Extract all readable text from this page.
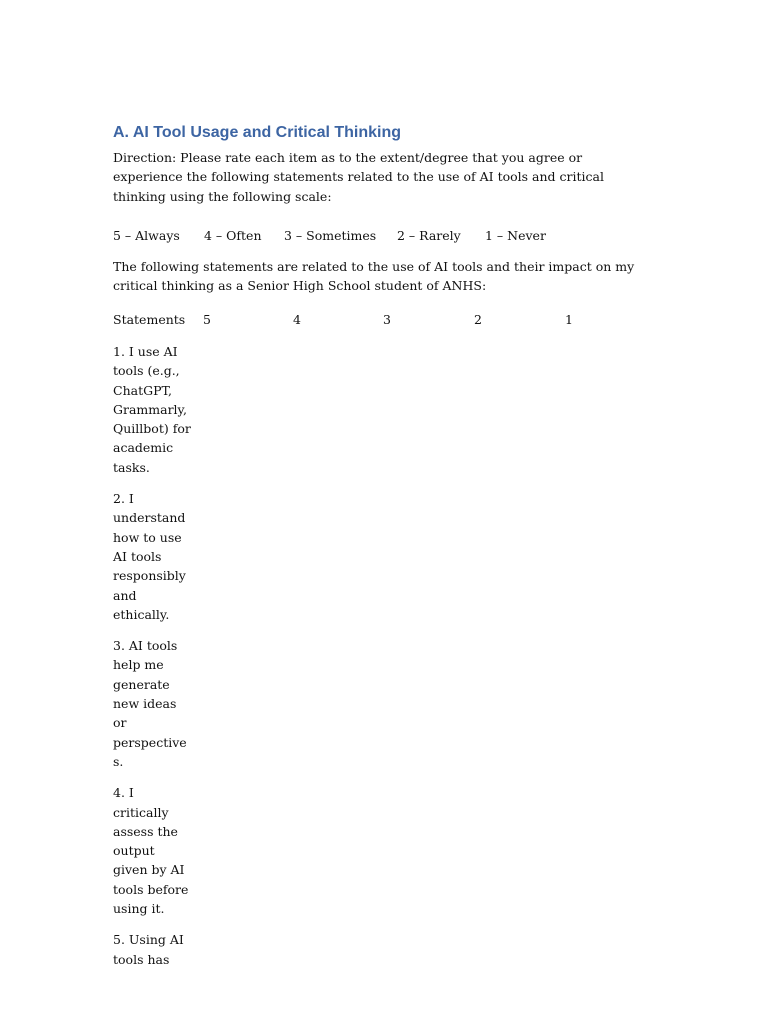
A. AI Tool Usage and Critical Thinking
Direction: Please rate each item as to the extent/degree that you agree or experience the following statements related to the use of AI tools and critical thinking using the following scale:
5 – Always 4 – Often 3 – Sometimes 2 – Rarely 1 – Never
The following statements are related to the use of AI tools and their impact on my critical thinking as a Senior High School student of ANHS:
Statements 5	4	3	2	1

1. I use AI tools (e.g., ChatGPT, Grammarly, Quillbot) for academic tasks.

2. I understand how to use AI tools responsibly and ethically.

3. AI tools help me generate new ideas or perspectives.

4. I critically assess the output given by AI tools before using it.

5. Using AI tools has
